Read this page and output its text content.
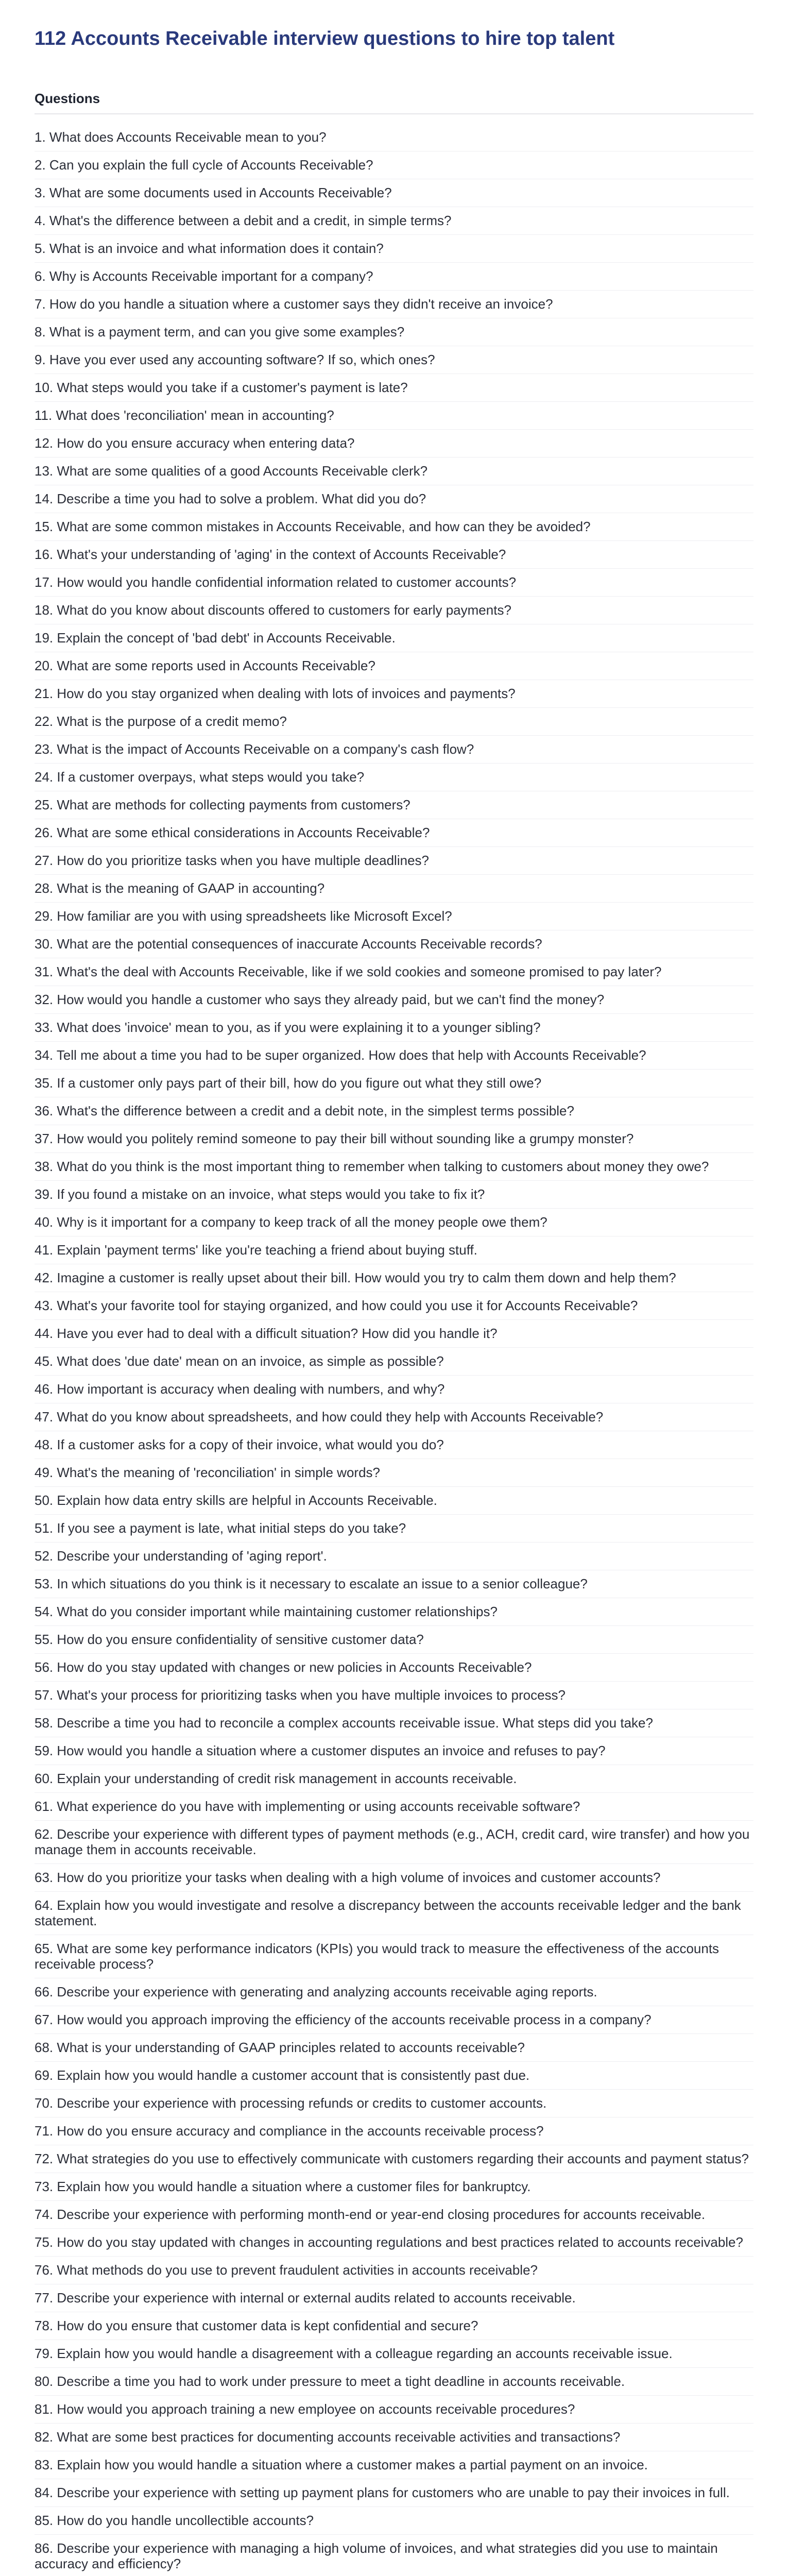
112 Accounts Receivable interview questions to hire top talent
Questions
1. What does Accounts Receivable mean to you?
2. Can you explain the full cycle of Accounts Receivable?
3. What are some documents used in Accounts Receivable?
4. What's the difference between a debit and a credit, in simple terms?
5. What is an invoice and what information does it contain?
6. Why is Accounts Receivable important for a company?
7. How do you handle a situation where a customer says they didn't receive an invoice?
8. What is a payment term, and can you give some examples?
9. Have you ever used any accounting software? If so, which ones?
10. What steps would you take if a customer's payment is late?
11. What does 'reconciliation' mean in accounting?
12. How do you ensure accuracy when entering data?
13. What are some qualities of a good Accounts Receivable clerk?
14. Describe a time you had to solve a problem. What did you do?
15. What are some common mistakes in Accounts Receivable, and how can they be avoided?
16. What's your understanding of 'aging' in the context of Accounts Receivable?
17. How would you handle confidential information related to customer accounts?
18. What do you know about discounts offered to customers for early payments?
19. Explain the concept of 'bad debt' in Accounts Receivable.
20. What are some reports used in Accounts Receivable?
21. How do you stay organized when dealing with lots of invoices and payments?
22. What is the purpose of a credit memo?
23. What is the impact of Accounts Receivable on a company's cash flow?
24. If a customer overpays, what steps would you take?
25. What are methods for collecting payments from customers?
26. What are some ethical considerations in Accounts Receivable?
27. How do you prioritize tasks when you have multiple deadlines?
28. What is the meaning of GAAP in accounting?
29. How familiar are you with using spreadsheets like Microsoft Excel?
30. What are the potential consequences of inaccurate Accounts Receivable records?
31. What's the deal with Accounts Receivable, like if we sold cookies and someone promised to pay later?
32. How would you handle a customer who says they already paid, but we can't find the money?
33. What does 'invoice' mean to you, as if you were explaining it to a younger sibling?
34. Tell me about a time you had to be super organized. How does that help with Accounts Receivable?
35. If a customer only pays part of their bill, how do you figure out what they still owe?
36. What's the difference between a credit and a debit note, in the simplest terms possible?
37. How would you politely remind someone to pay their bill without sounding like a grumpy monster?
38. What do you think is the most important thing to remember when talking to customers about money they owe?
39. If you found a mistake on an invoice, what steps would you take to fix it?
40. Why is it important for a company to keep track of all the money people owe them?
41. Explain 'payment terms' like you're teaching a friend about buying stuff.
42. Imagine a customer is really upset about their bill. How would you try to calm them down and help them?
43. What's your favorite tool for staying organized, and how could you use it for Accounts Receivable?
44. Have you ever had to deal with a difficult situation? How did you handle it?
45. What does 'due date' mean on an invoice, as simple as possible?
46. How important is accuracy when dealing with numbers, and why?
47. What do you know about spreadsheets, and how could they help with Accounts Receivable?
48. If a customer asks for a copy of their invoice, what would you do?
49. What's the meaning of 'reconciliation' in simple words?
50. Explain how data entry skills are helpful in Accounts Receivable.
51. If you see a payment is late, what initial steps do you take?
52. Describe your understanding of 'aging report'.
53. In which situations do you think is it necessary to escalate an issue to a senior colleague?
54. What do you consider important while maintaining customer relationships?
55. How do you ensure confidentiality of sensitive customer data?
56. How do you stay updated with changes or new policies in Accounts Receivable?
57. What's your process for prioritizing tasks when you have multiple invoices to process?
58. Describe a time you had to reconcile a complex accounts receivable issue. What steps did you take?
59. How would you handle a situation where a customer disputes an invoice and refuses to pay?
60. Explain your understanding of credit risk management in accounts receivable.
61. What experience do you have with implementing or using accounts receivable software?
62. Describe your experience with different types of payment methods (e.g., ACH, credit card, wire transfer) and how you manage them in accounts receivable.
63. How do you prioritize your tasks when dealing with a high volume of invoices and customer accounts?
64. Explain how you would investigate and resolve a discrepancy between the accounts receivable ledger and the bank statement.
65. What are some key performance indicators (KPIs) you would track to measure the effectiveness of the accounts receivable process?
66. Describe your experience with generating and analyzing accounts receivable aging reports.
67. How would you approach improving the efficiency of the accounts receivable process in a company?
68. What is your understanding of GAAP principles related to accounts receivable?
69. Explain how you would handle a customer account that is consistently past due.
70. Describe your experience with processing refunds or credits to customer accounts.
71. How do you ensure accuracy and compliance in the accounts receivable process?
72. What strategies do you use to effectively communicate with customers regarding their accounts and payment status?
73. Explain how you would handle a situation where a customer files for bankruptcy.
74. Describe your experience with performing month-end or year-end closing procedures for accounts receivable.
75. How do you stay updated with changes in accounting regulations and best practices related to accounts receivable?
76. What methods do you use to prevent fraudulent activities in accounts receivable?
77. Describe your experience with internal or external audits related to accounts receivable.
78. How do you ensure that customer data is kept confidential and secure?
79. Explain how you would handle a disagreement with a colleague regarding an accounts receivable issue.
80. Describe a time you had to work under pressure to meet a tight deadline in accounts receivable.
81. How would you approach training a new employee on accounts receivable procedures?
82. What are some best practices for documenting accounts receivable activities and transactions?
83. Explain how you would handle a situation where a customer makes a partial payment on an invoice.
84. Describe your experience with setting up payment plans for customers who are unable to pay their invoices in full.
85. How do you handle uncollectible accounts?
86. Describe your experience with managing a high volume of invoices, and what strategies did you use to maintain accuracy and efficiency?
